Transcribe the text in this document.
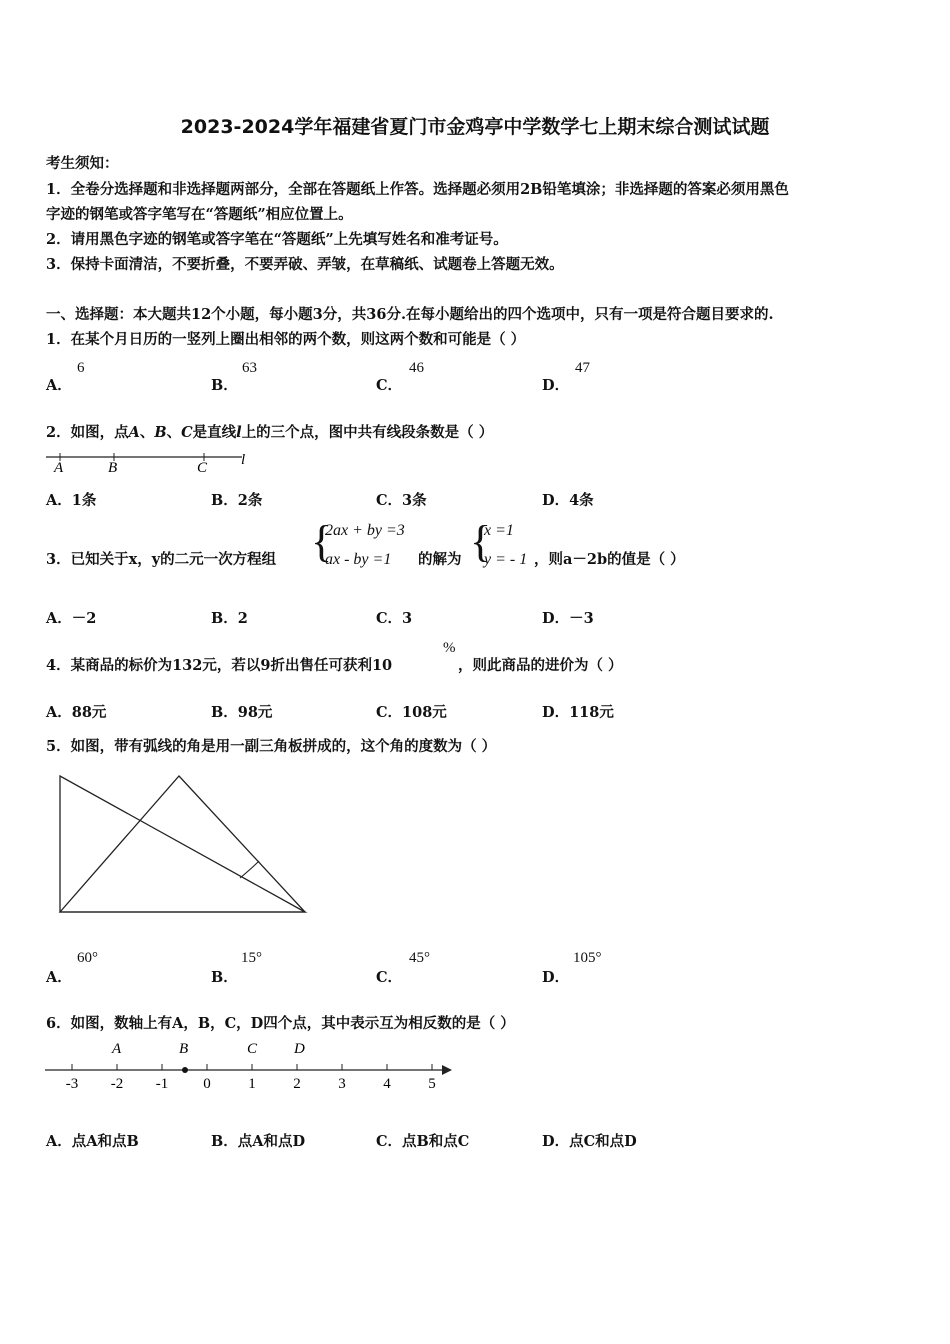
2023-2024学年福建省夏门市金鸡亭中学数学七上期末综合测试试题
考生须知：
1．全卷分选择题和非选择题两部分，全部在答题纸上作答。选择题必须用2B铅笔填涂；非选择题的答案必须用黑色
字迹的钢笔或答字笔写在“答题纸”相应位置上。
2．请用黑色字迹的钢笔或答字笔在“答题纸”上先填写姓名和准考证号。
3．保持卡面清洁，不要折叠，不要弄破、弄皱，在草稿纸、试题卷上答题无效。
一、选择题：本大题共12个小题，每小题3分，共36分.在每小题给出的四个选项中，只有一项是符合题目要求的.
1．在某个月日历的一竖列上圈出相邻的两个数，则这两个数和可能是（ ）
A．
6
B．
63
C．
46
D．
47
2．如图，点A、B、C是直线l上的三个点，图中共有线段条数是（ ）
A	B	C l
A．1条	B．2条	C．3条	D．4条
3．已知关于x，y的二元一次方程组 {
2ax + by =3
ax - by =1 的解为 {
x =1
y = - 1 ，则a－2b的值是（ ）
A．－2	B．2	C．3	D．－3
4．某商品的标价为132元，若以9折出售任可获利10
%
，则此商品的进价为（ ）
A．88元	B．98元	C．108元	D．118元
5．如图，带有弧线的角是用一副三角板拼成的，这个角的度数为（ ）
A．
60°
B．
15°
C．
45°
D．
105°
6．如图，数轴上有A，B，C，D四个点，其中表示互为相反数的是（ ）
-3 -2 -1 0	1	2	3	4	5
A	B	C D
A．点A和点B	B．点A和点D	C．点B和点C	D．点C和点D
